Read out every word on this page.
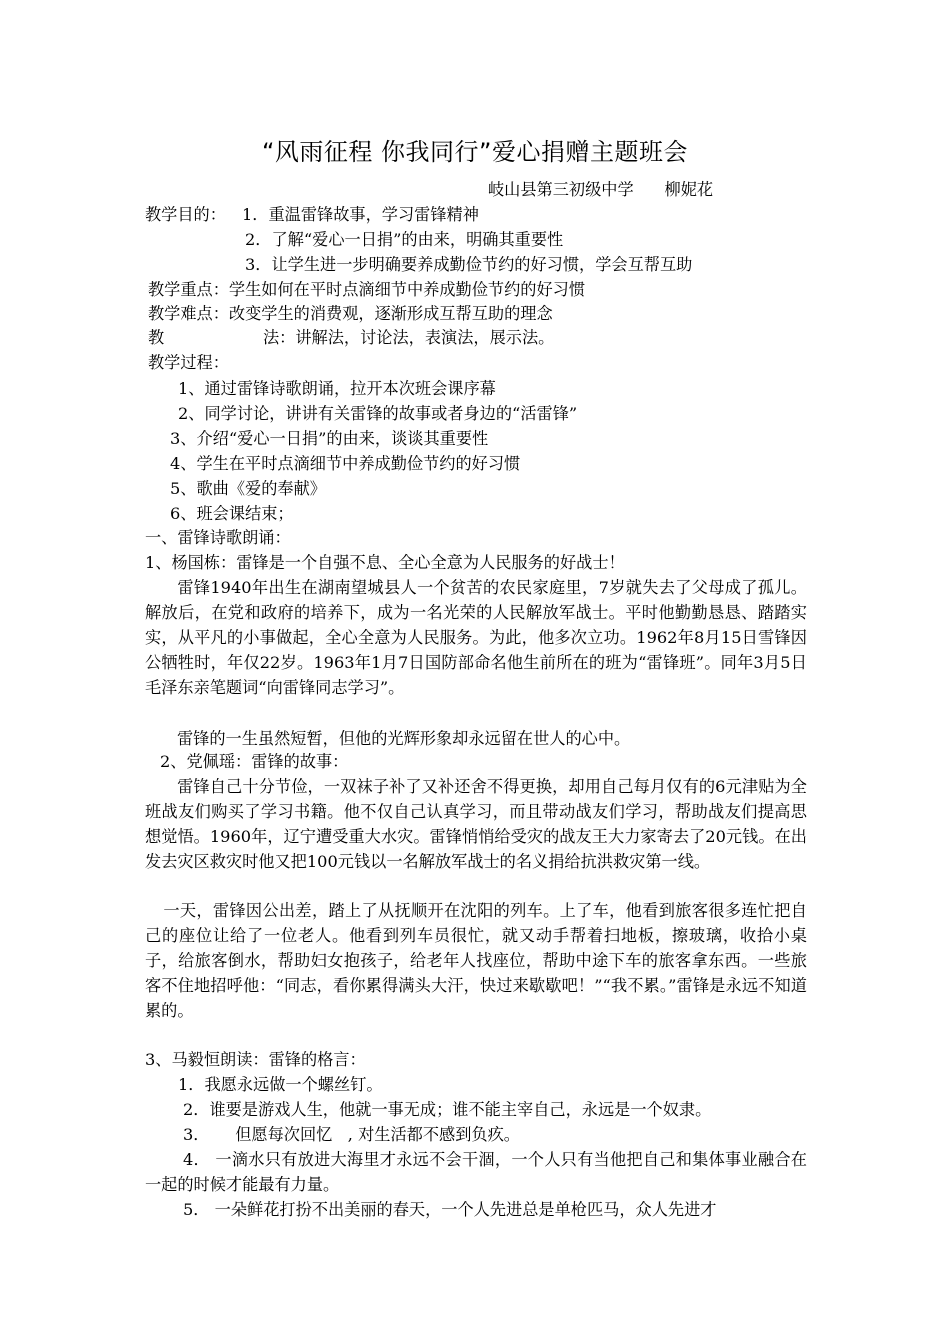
“风雨征程 你我同行”爱心捐赠主题班会
岐山县第三初级中学      柳妮花
教学目的： 1．重温雷锋故事，学习雷锋精神
2．了解“爱心一日捐”的由来，明确其重要性
3．让学生进一步明确要养成勤俭节约的好习惯，学会互帮互助
教学重点：学生如何在平时点滴细节中养成勤俭节约的好习惯
教学难点：改变学生的消费观，逐渐形成互帮互助的理念
教	法：讲解法，讨论法，表演法，展示法。
教学过程：
1、通过雷锋诗歌朗诵，拉开本次班会课序幕
2、同学讨论，讲讲有关雷锋的故事或者身边的“活雷锋”
3、介绍“爱心一日捐”的由来，谈谈其重要性
4、学生在平时点滴细节中养成勤俭节约的好习惯
5、歌曲《爱的奉献》
6、班会课结束；
一、雷锋诗歌朗诵：
1、杨国栋：雷锋是一个自强不息、全心全意为人民服务的好战士！
雷锋1940年出生在湖南望城县人一个贫苦的农民家庭里，7岁就失去了父母成了孤儿。解放后，在党和政府的培养下，成为一名光荣的人民解放军战士。平时他勤勤恳恳、踏踏实实，从平凡的小事做起，全心全意为人民服务。为此，他多次立功。1962年8月15日雪锋因公牺牲时，年仅22岁。1963年1月7日国防部命名他生前所在的班为“雷锋班”。同年3月5日毛泽东亲笔题词“向雷锋同志学习”。
雷锋的一生虽然短暂，但他的光辉形象却永远留在世人的心中。
2、党佩瑶：雷锋的故事：
雷锋自己十分节俭，一双袜子补了又补还舍不得更换，却用自己每月仅有的6元津贴为全班战友们购买了学习书籍。他不仅自己认真学习，而且带动战友们学习，帮助战友们提高思想觉悟。1960年，辽宁遭受重大水灾。雷锋悄悄给受灾的战友王大力家寄去了20元钱。在出发去灾区救灾时他又把100元钱以一名解放军战士的名义捐给抗洪救灾第一线。
一天，雷锋因公出差，踏上了从抚顺开在沈阳的列车。上了车，他看到旅客很多连忙把自己的座位让给了一位老人。他看到列车员很忙，就又动手帮着扫地板，擦玻璃，收拾小桌子，给旅客倒水，帮助妇女抱孩子，给老年人找座位，帮助中途下车的旅客拿东西。一些旅客不住地招呼他：“同志，看你累得满头大汗，快过来歇歇吧！”“我不累。”雷锋是永远不知道累的。
3、马毅恒朗读：雷锋的格言：
1．我愿永远做一个螺丝钉。
2．谁要是游戏人生，他就一事无成；谁不能主宰自己，永远是一个奴隶。
3．     但愿每次回忆   , 对生活都不感到负疚。
4． 一滴水只有放进大海里才永远不会干涸，一个人只有当他把自己和集体事业融合在一起的时候才能最有力量。
5． 一朵鲜花打扮不出美丽的春天，一个人先进总是单枪匹马，众人先进才
